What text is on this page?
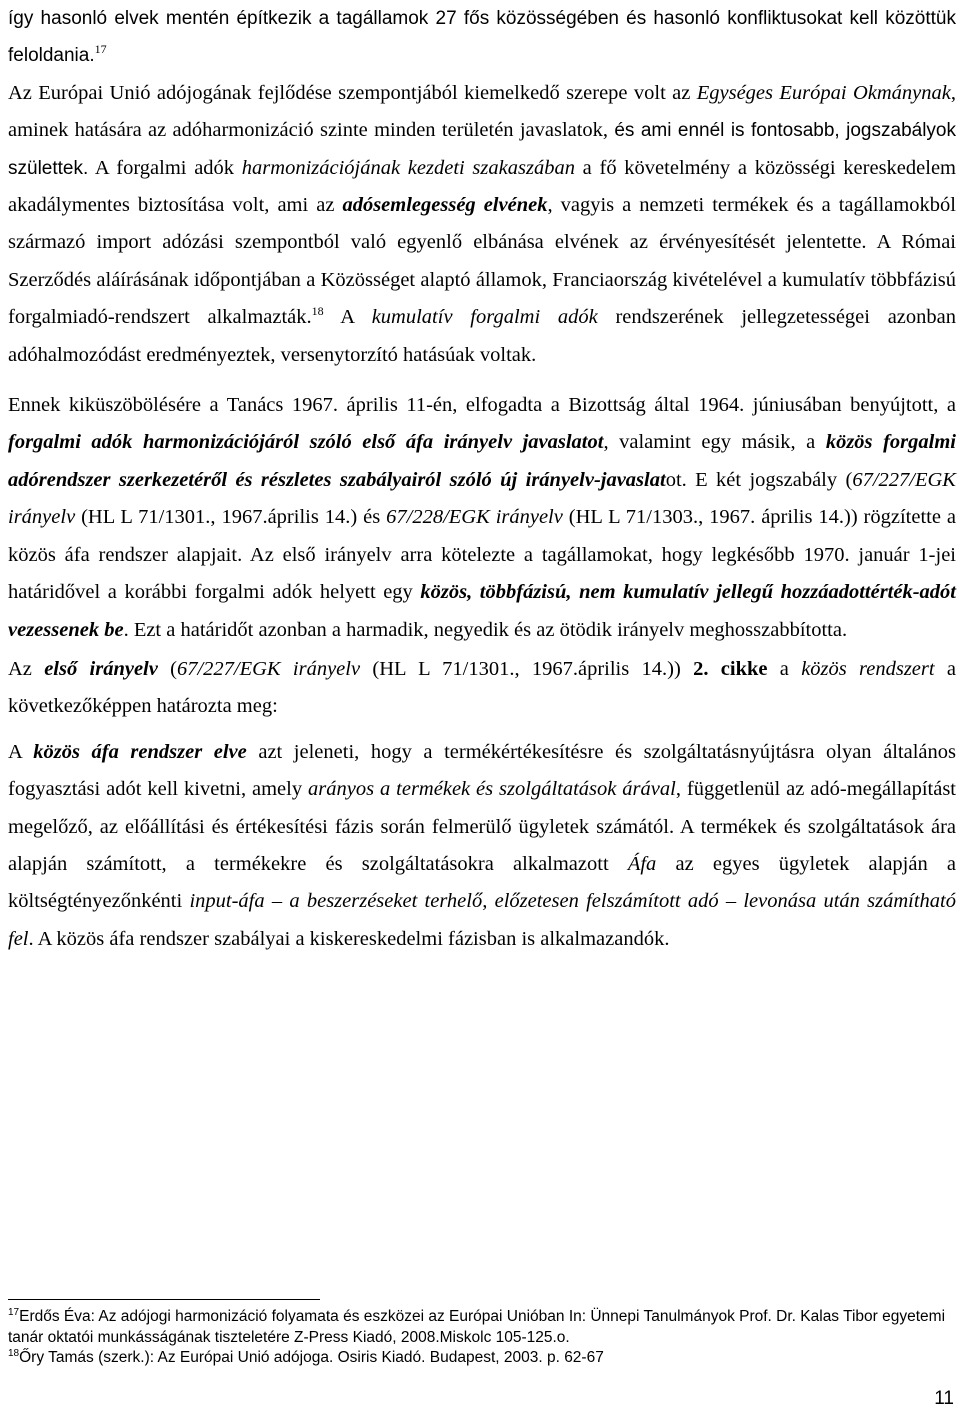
így hasonló elvek mentén építkezik a tagállamok 27 fős közösségében és hasonló konfliktusokat kell közöttük feloldania.$^{17}$

Az Európai Unió adójogának fejlődése szempontjából kiemelkedő szerepe volt az Egységes Európai Okmánynak, aminek hatására az adóharmonizáció szinte minden területén javaslatok, és ami ennél is fontosabb, jogszabályok születtek. A forgalmi adók harmonizációjának kezdeti szakaszában a fő követelmény a közösségi kereskedelem akadálymentes biztosítása volt, ami az adósemlegesség elvének, vagyis a nemzeti termékek és a tagállamokból származó import adózási szempontból való egyenlő elbánása elvének az érvényesítését jelentette. A Római Szerződés aláírásának időpontjában a Közösséget alaptó államok, Franciaország kivételével a kumulatív többfázisú forgalmiadó-rendszert alkalmazták.$^{18}$ A kumulatív forgalmi adók rendszerének jellegzetességei azonban adóhalmozódást eredményeztek, versenytorzító hatásúak voltak.

Ennek kiküszöbölésére a Tanács 1967. április 11-én, elfogadta a Bizottság által 1964. júniusában benyújtott, a forgalmi adók harmonizációjáról szóló első áfa irányelv javaslatot, valamint egy másik, a közös forgalmi adórendszer szerkezetéről és részletes szabályairól szóló új irányelv-javaslatot. E két jogszabály (67/227/EGK irányelv (HL L 71/1301., 1967.április 14.) és 67/228/EGK irányelv (HL L 71/1303., 1967. április 14.)) rögzítette a közös áfa rendszer alapjait. Az első irányelv arra kötelezte a tagállamokat, hogy legkésőbb 1970. január 1-jei határidővel a korábbi forgalmi adók helyett egy közös, többfázisú, nem kumulatív jellegű hozzáadottérték-adót vezessenek be. Ezt a határidőt azonban a harmadik, negyedik és az ötödik irányelv meghosszabbította.

Az első irányelv (67/227/EGK irányelv (HL L 71/1301., 1967.április 14.)) 2. cikke a közös rendszert a következőképpen határozta meg:

A közös áfa rendszer elve azt jeleneti, hogy a termékértékesítésre és szolgáltatásnyújtásra olyan általános fogyasztási adót kell kivetni, amely arányos a termékek és szolgáltatások árával, függetlenül az adó-megállapítást megelőző, az előállítási és értékesítési fázis során felmerülő ügyletek számától. A termékek és szolgáltatások ára alapján számított, a termékekre és szolgáltatásokra alkalmazott Áfa az egyes ügyletek alapján a költségtényezőnkénti input-áfa – a beszerzéseket terhelő, előzetesen felszámított adó – levonása után számítható fel. A közös áfa rendszer szabályai a kiskereskedelmi fázisban is alkalmazandók.

$^{17}$Erdős Éva: Az adójogi harmonizáció folyamata és eszközei az Európai Unióban In: Ünnepi Tanulmányok Prof. Dr. Kalas Tibor egyetemi tanár oktatói munkásságának tiszteletére Z-Press Kiadó, 2008.Miskolc 105-125.o.

$^{18}$Őry Tamás (szerk.): Az Európai Unió adójoga. Osiris Kiadó. Budapest, 2003. p. 62-67

11
